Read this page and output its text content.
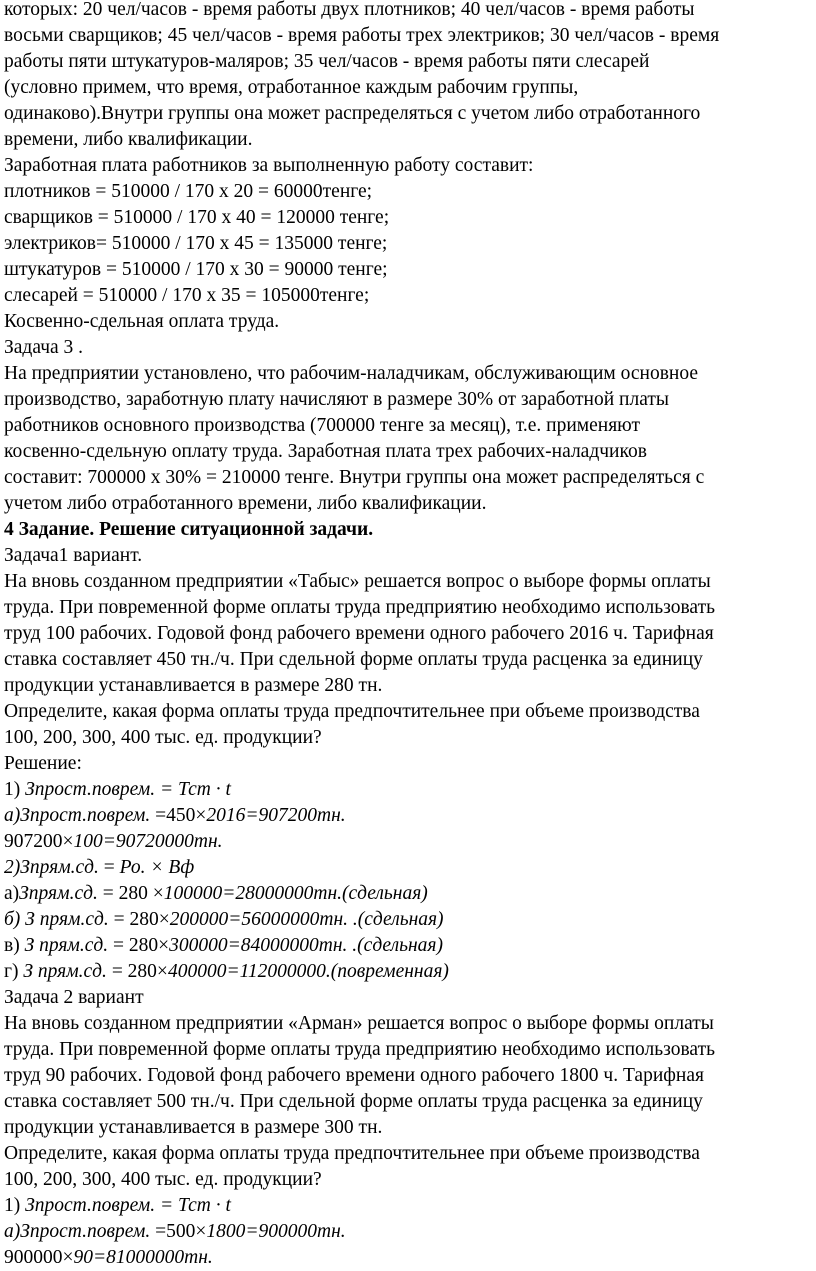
которых: 20 чел/часов - время работы двух плотников; 40 чел/часов - время работы
восьми сварщиков; 45 чел/часов - время работы трех электриков; 30 чел/часов - время
работы пяти штукатуров-маляров; 35 чел/часов - время работы пяти слесарей
(условно примем, что время, отработанное каждым рабочим группы,
одинаково).Внутри группы она может распределяться с учетом либо отработанного
времени, либо квалификации.
Заработная плата работников за выполненную работу составит:
плотников = 510000 / 170 х 20 = 60000тенге;
сварщиков = 510000 / 170 х 40 = 120000 тенге;
электриков= 510000 / 170 х 45 = 135000 тенге;
штукатуров = 510000 / 170 х 30 = 90000 тенге;
слесарей = 510000 / 170 х 35 = 105000тенге;
Косвенно-сдельная оплата труда.
Задача 3 .
На предприятии установлено, что рабочим-наладчикам, обслуживающим основное
производство, заработную плату начисляют в размере 30% от заработной платы
работников основного производства (700000 тенге за месяц), т.е. применяют
косвенно-сдельную оплату труда. Заработная плата трех рабочих-наладчиков
составит: 700000 х 30% = 210000 тенге. Внутри группы она может распределяться с
учетом либо отработанного времени, либо квалификации.
4 Задание. Решение ситуационной задачи.
Задача1 вариант.
На вновь созданном предприятии «Табыс» решается вопрос о выборе формы оплаты
труда. При повременной форме оплаты труда предприятию необходимо использовать
труд 100 рабочих. Годовой фонд рабочего времени одного рабочего 2016 ч. Тарифная
ставка составляет 450 тн./ч. При сдельной форме оплаты труда расценка за единицу
продукции устанавливается в размере 280 тн.
Определите, какая форма оплаты труда предпочтительнее при объеме производства
100, 200, 300, 400 тыс. ед. продукции?
Решение:
1) Зпрост.поврем. = Тст · t
а)Зпрост.поврем. =450×2016=907200тн.
907200×100=90720000тн.
2)Зпрям.сд. = Ро. × Вф
а)Зпрям.сд. = 280 ×100000=28000000тн.(сдельная)
б) З прям.сд. = 280×200000=56000000тн. .(сдельная)
в) З прям.сд. = 280×300000=84000000тн. .(сдельная)
г) З прям.сд. = 280×400000=112000000.(повременная)
Задача 2 вариант
На вновь созданном предприятии «Арман» решается вопрос о выборе формы оплаты
труда. При повременной форме оплаты труда предприятию необходимо использовать
труд 90 рабочих. Годовой фонд рабочего времени одного рабочего 1800 ч. Тарифная
ставка составляет 500 тн./ч. При сдельной форме оплаты труда расценка за единицу
продукции устанавливается в размере 300 тн.
Определите, какая форма оплаты труда предпочтительнее при объеме производства
100, 200, 300, 400 тыс. ед. продукции?
1) Зпрост.поврем. = Тст · t
а)Зпрост.поврем. =500×1800=900000тн.
900000×90=81000000тн.
